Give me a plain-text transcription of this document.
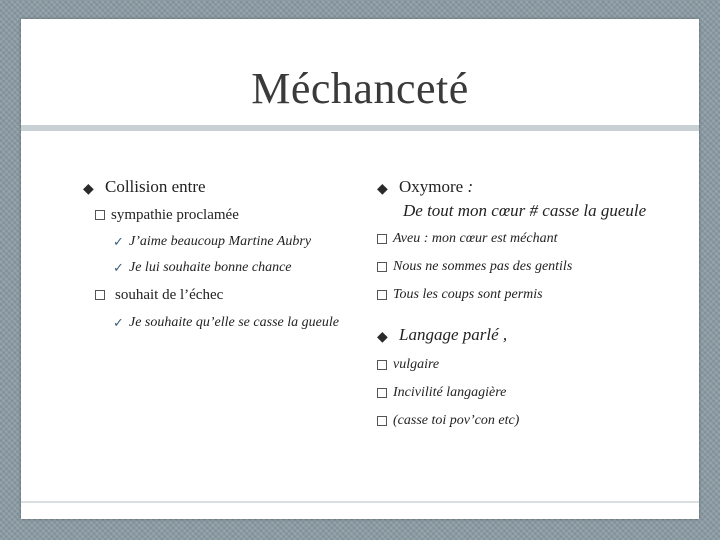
Méchanceté
◆ Collision entre
sympathie proclamée
✓ J’aime beaucoup Martine Aubry
✓ Je lui souhaite bonne chance
souhait de l’échec
✓ Je souhaite qu’elle se casse la gueule
◆ Oxymore :
De tout mon cœur # casse la gueule
Aveu : mon cœur est méchant
Nous ne sommes pas des gentils
Tous les coups sont permis
◆ Langage parlé ,
vulgaire
Incivilité langagière
(casse toi pov’con etc)
